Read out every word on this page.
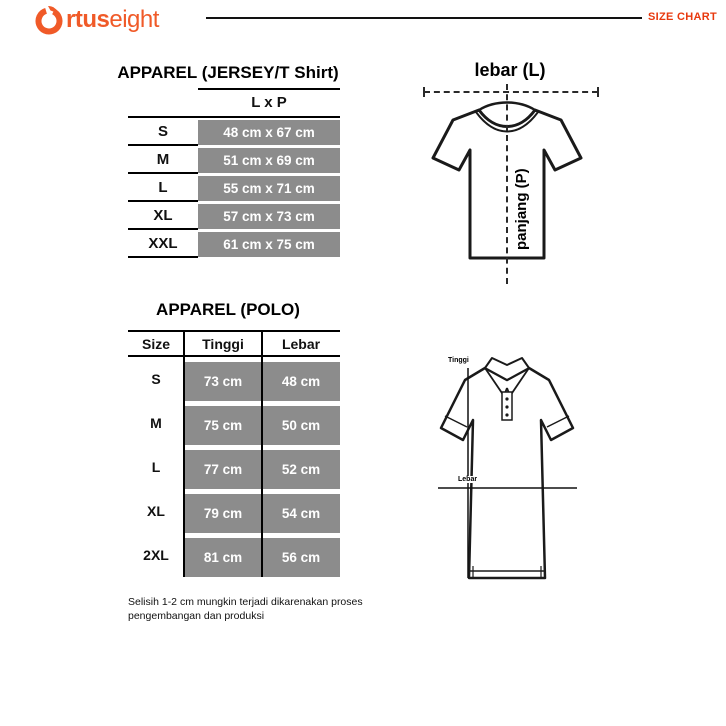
rtuseight	SIZE CHART
APPAREL (JERSEY/T Shirt)
L x P
S	48 cm x 67 cm
M	51 cm x 69 cm
L	55 cm x 71 cm
XL	57 cm x 73 cm
XXL	61 cm x 75 cm
APPAREL (POLO)
Size	Tinggi	Lebar
S	73 cm	48 cm
M	75 cm	50 cm
L	77 cm	52 cm
XL	79 cm	54 cm
2XL	81 cm	56 cm
Selisih 1-2 cm mungkin terjadi dikarenakan proses pengembangan dan produksi
lebar (L)
panjang (P)
Tinggi
Lebar
